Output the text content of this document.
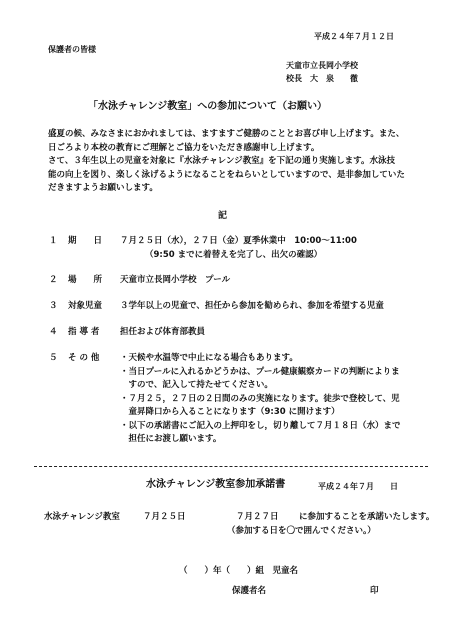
平成２４年７月１２日
保護者の皆様
天童市立長岡小学校
校長　大　泉　　徹
「水泳チャレンジ教室」への参加について（お願い）
盛夏の候、みなさまにおかれましては、ますますご健勝のこととお喜び申し上げます。また、
日ごろより本校の教育にご理解とご協力をいただき感謝申し上げます。
さて、３年生以上の児童を対象に『水泳チャレンジ教室』を下記の通り実施します。水泳技
能の向上を図り、楽しく泳げるようになることをねらいとしていますので、是非参加していた
だきますようお願いします。
記
１ 期　　日 ７月２５日（水），２７日（金）夏季休業中　10:00～11:00
（9:50 までに着替えを完了し、出欠の確認）
２ 場　　所 天童市立長岡小学校　プール
３ 対象児童 ３学年以上の児童で、担任から参加を勧められ、参加を希望する児童
４ 指 導 者 担任および体育部教員
５ そ の 他 ・天候や水温等で中止になる場合もあります。
・当日プールに入れるかどうかは、プール健康観察カードの判断によりま
　すので、記入して持たせてください。
・７月２５，２７日の２日間のみの実施になります。徒歩で登校して、児
　童昇降口から入ることになります（9:30 に開けます）
・以下の承諾書にご記入の上押印をし，切り離して７月１８日（水）まで
　担任にお渡し願います。
水泳チャレンジ教室参加承諾書	平成２４年７月　　日
水泳チャレンジ教室	７月２５日	７月２７日 に参加することを承諾いたします。
（参加する日を〇で囲んでください。）
（　　）年（　　）組　児童名
保護者名	印
